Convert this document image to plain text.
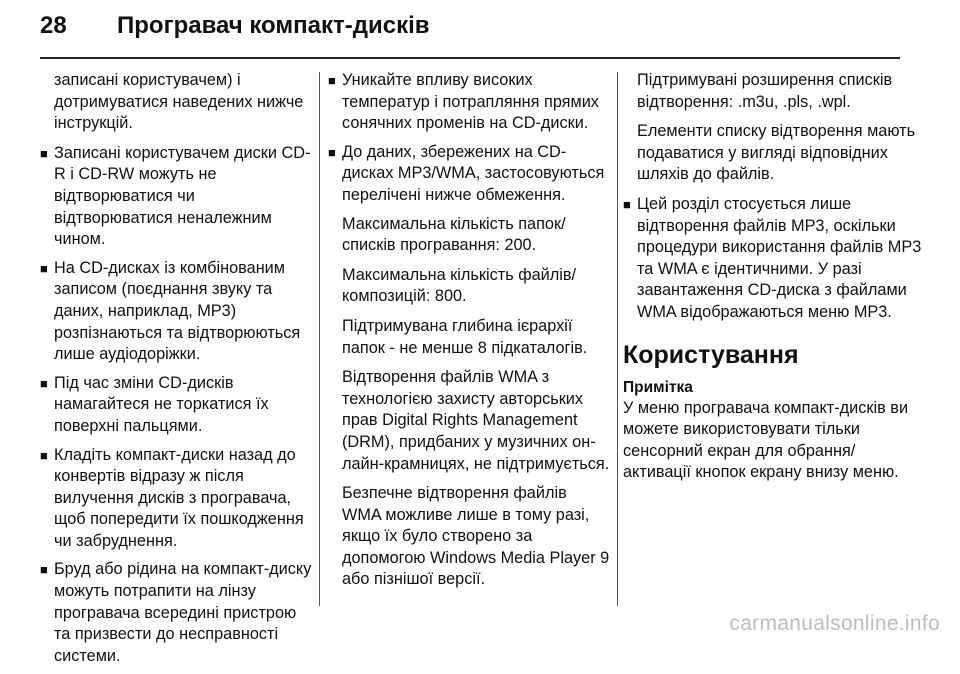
28 Програвач компакт-дисків
записані користувачем) і дотримуватися наведених нижче інструкцій.
■ Записані користувачем диски CD-R і CD-RW можуть не відтворюватися чи відтворюватися неналежним чином.
■ На CD-дисках із комбінованим записом (поєднання звуку та даних, наприклад, MP3) розпізнаються та відтворюються лише аудіодоріжки.
■ Під час зміни CD-дисків намагайтеся не торкатися їх поверхні пальцями.
■ Кладіть компакт-диски назад до конвертів відразу ж після вилучення дисків з програвача, щоб попередити їх пошкодження чи забруднення.
■ Бруд або рідина на компакт-диску можуть потрапити на лінзу програвача всередині пристрою та призвести до несправності системи.
■ Уникайте впливу високих температур і потрапляння прямих сонячних променів на CD-диски.
■ До даних, збережених на CD-дисках MP3/WMA, застосовуються перелічені нижче обмеження.
Максимальна кількість папок/ списків програвання: 200.
Максимальна кількість файлів/ композицій: 800.
Підтримувана глибина ієрархії папок - не менше 8 підкаталогів.
Відтворення файлів WMA з технологією захисту авторських прав Digital Rights Management (DRM), придбаних у музичних он-лайн-крамницях, не підтримується.
Безпечне відтворення файлів WMA можливе лише в тому разі, якщо їх було створено за допомогою Windows Media Player 9 або пізнішої версії.
Підтримувані розширення списків відтворення: .m3u, .pls, .wpl.
Елементи списку відтворення мають подаватися у вигляді відповідних шляхів до файлів.
■ Цей розділ стосується лише відтворення файлів MP3, оскільки процедури використання файлів MP3 та WMA є ідентичними. У разі завантаження CD-диска з файлами WMA відображаються меню MP3.
Користування
Примітка
У меню програвача компакт-дисків ви можете використовувати тільки сенсорний екран для обрання/активації кнопок екрану внизу меню.
carmanualsonline.info
